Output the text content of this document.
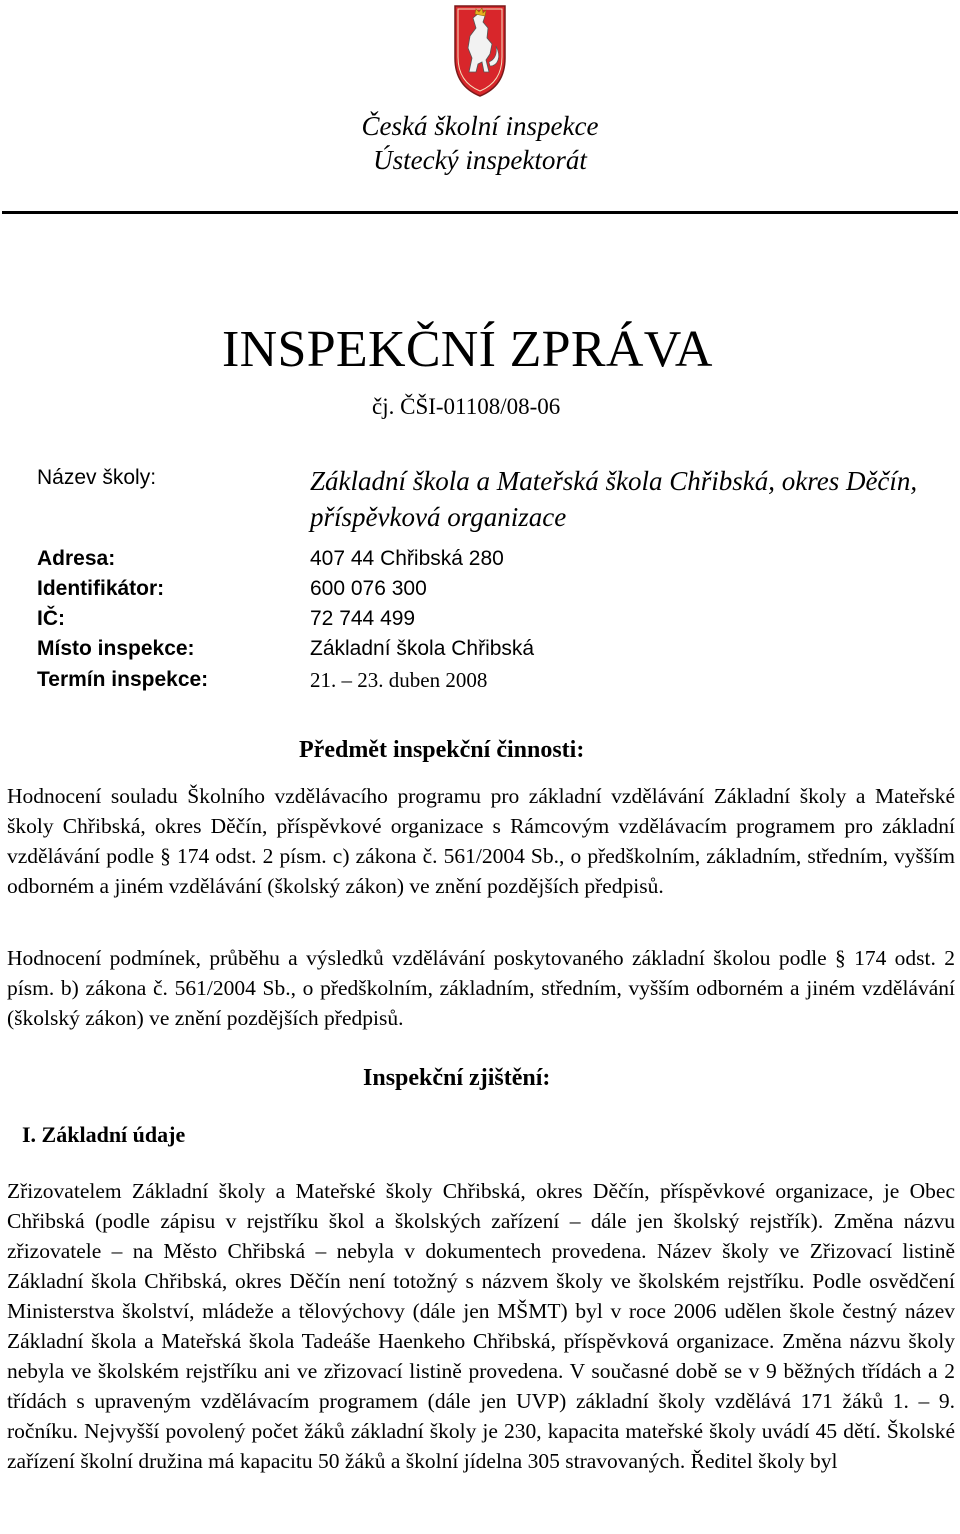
Česká školní inspekce
Ústecký inspektorát
INSPEKČNÍ ZPRÁVA
čj. ČŠI-01108/08-06
Název školy:	Základní škola a Mateřská škola Chřibská, okres Děčín, příspěvková organizace
Adresa:	407 44 Chřibská 280
Identifikátor:	600 076 300
IČ:	72 744 499
Místo inspekce:	Základní škola Chřibská
Termín inspekce:	21. – 23. duben 2008
Předmět inspekční činnosti:
Hodnocení souladu Školního vzdělávacího programu pro základní vzdělávání Základní školy a Mateřské školy Chřibská, okres Děčín, příspěvkové organizace s Rámcovým vzdělávacím programem pro základní vzdělávání podle § 174 odst. 2 písm. c) zákona č. 561/2004 Sb., o předškolním, základním, středním, vyšším odborném a jiném vzdělávání (školský zákon) ve znění pozdějších předpisů.
Hodnocení podmínek, průběhu a výsledků vzdělávání poskytovaného základní školou podle § 174 odst. 2 písm. b) zákona č. 561/2004 Sb., o předškolním, základním, středním, vyšším odborném a jiném vzdělávání (školský zákon) ve znění pozdějších předpisů.
Inspekční zjištění:
I. Základní údaje
Zřizovatelem Základní školy a Mateřské školy Chřibská, okres Děčín, příspěvkové organizace, je Obec Chřibská (podle zápisu v rejstříku škol a školských zařízení – dále jen školský rejstřík). Změna názvu zřizovatele – na Město Chřibská – nebyla v dokumentech provedena. Název školy ve Zřizovací listině Základní škola Chřibská, okres Děčín není totožný s názvem školy ve školském rejstříku. Podle osvědčení Ministerstva školství, mládeže a tělovýchovy (dále jen MŠMT) byl v roce 2006 udělen škole čestný název Základní škola a Mateřská škola Tadeáše Haenkeho Chřibská, příspěvková organizace. Změna názvu školy nebyla ve školském rejstříku ani ve zřizovací listině provedena. V současné době se v 9 běžných třídách a 2 třídách s upraveným vzdělávacím programem (dále jen UVP) základní školy vzdělává 171 žáků 1. – 9. ročníku. Nejvyšší povolený počet žáků základní školy je 230, kapacita mateřské školy uvádí 45 dětí. Školské zařízení školní družina má kapacitu 50 žáků a školní jídelna 305 stravovaných. Ředitel školy byl
